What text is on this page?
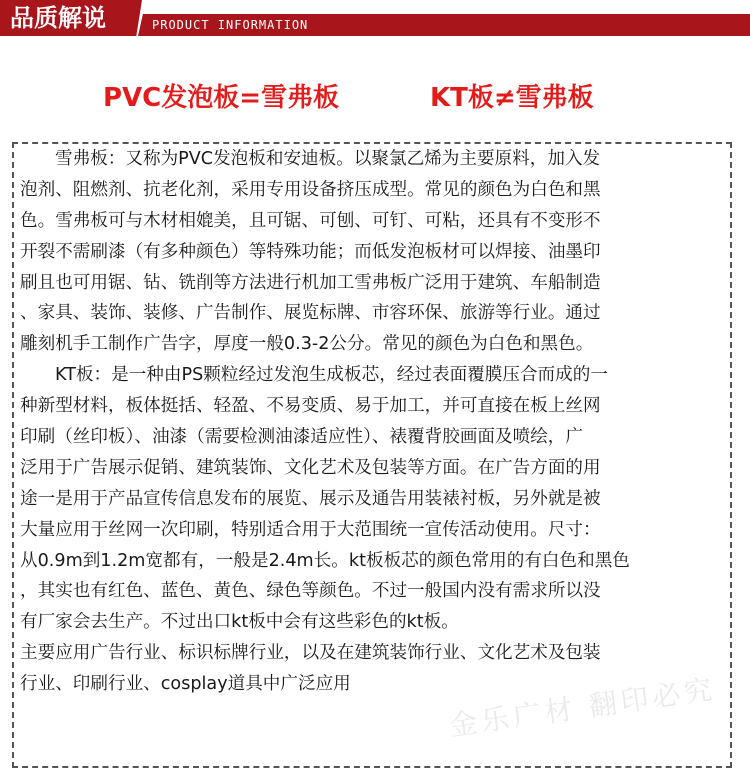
品质解说	PRODUCT INFORMATION
PVC发泡板=雪弗板	KT板≠雪弗板
雪弗板：又称为PVC发泡板和安迪板。以聚氯乙烯为主要原料，加入发
泡剂、阻燃剂、抗老化剂，采用专用设备挤压成型。常见的颜色为白色和黑
色。雪弗板可与木材相媲美，且可锯、可刨、可钉、可粘，还具有不变形不
开裂不需刷漆（有多种颜色）等特殊功能；而低发泡板材可以焊接、油墨印
刷且也可用锯、钻、铣削等方法进行机加工雪弗板广泛用于建筑、车船制造
、家具、装饰、装修、广告制作、展览标牌、市容环保、旅游等行业。通过
雕刻机手工制作广告字，厚度一般0.3-2公分。常见的颜色为白色和黑色。
KT板：是一种由PS颗粒经过发泡生成板芯，经过表面覆膜压合而成的一
种新型材料，板体挺括、轻盈、不易变质、易于加工，并可直接在板上丝网
印刷（丝印板）、油漆（需要检测油漆适应性）、裱覆背胶画面及喷绘，广
泛用于广告展示促销、建筑装饰、文化艺术及包装等方面。在广告方面的用
途一是用于产品宣传信息发布的展览、展示及通告用装裱衬板，另外就是被
大量应用于丝网一次印刷，特别适合用于大范围统一宣传活动使用。尺寸：
从0.9m到1.2m宽都有，一般是2.4m长。kt板板芯的颜色常用的有白色和黑色
，其实也有红色、蓝色、黄色、绿色等颜色。不过一般国内没有需求所以没
有厂家会去生产。不过出口kt板中会有这些彩色的kt板。
主要应用广告行业、标识标牌行业，以及在建筑装饰行业、文化艺术及包装
行业、印刷行业、cosplay道具中广泛应用	金乐广材 翻印必究
